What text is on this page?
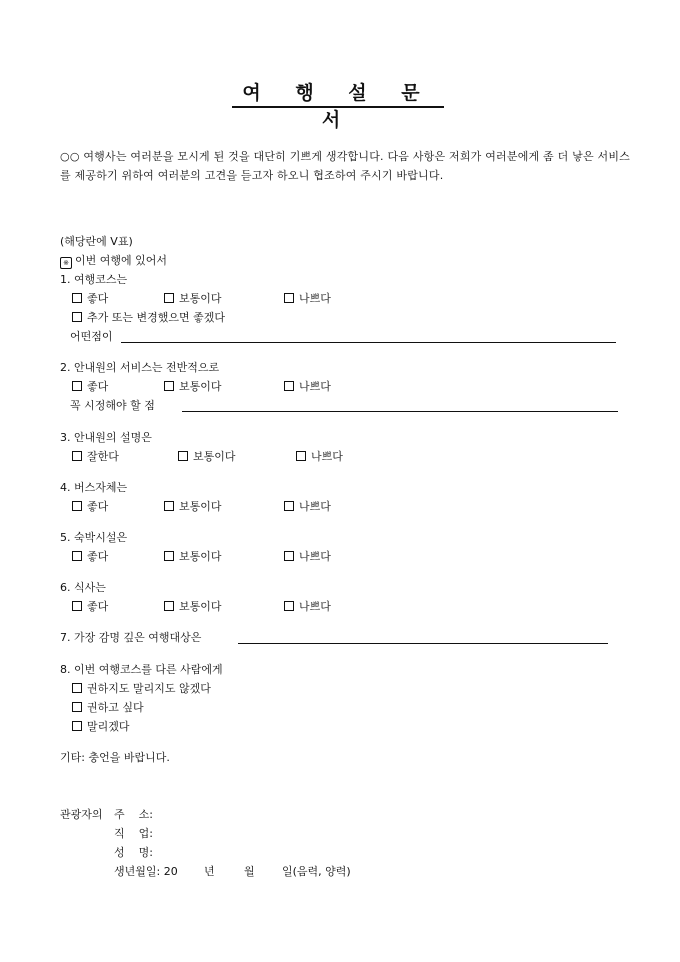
여 행 설 문 서
○○ 여행사는 여러분을 모시게 된 것을 대단히 기쁘게 생각합니다. 다음 사항은 저희가 여러분에게 좀 더 낳은 서비스를 제공하기 위하여 여러분의 고견을 듣고자 하오니 협조하여 주시기 바랍니다.
(해당란에 V표)
※ 이번 여행에 있어서
1. 여행코스는
좋다	보통이다	나쁘다
추가 또는 변경했으면 좋겠다
어떤점이
2. 안내원의 서비스는 전반적으로
좋다	보통이다	나쁘다
꼭 시정해야 할 점
3. 안내원의 설명은
잘한다	보통이다	나쁘다
4. 버스자체는
좋다	보통이다	나쁘다
5. 숙박시설은
좋다	보통이다	나쁘다
6. 식사는
좋다	보통이다	나쁘다
7. 가장 감명 깊은 여행대상은
8. 이번 여행코스를 다른 사람에게
권하지도 말리지도 않겠다
권하고 싶다
말리겠다
기타: 충언을 바랍니다.
관광자의 주    소:
직    업:
성    명:
생년월일: 20 년	월 일(음력, 양력)
